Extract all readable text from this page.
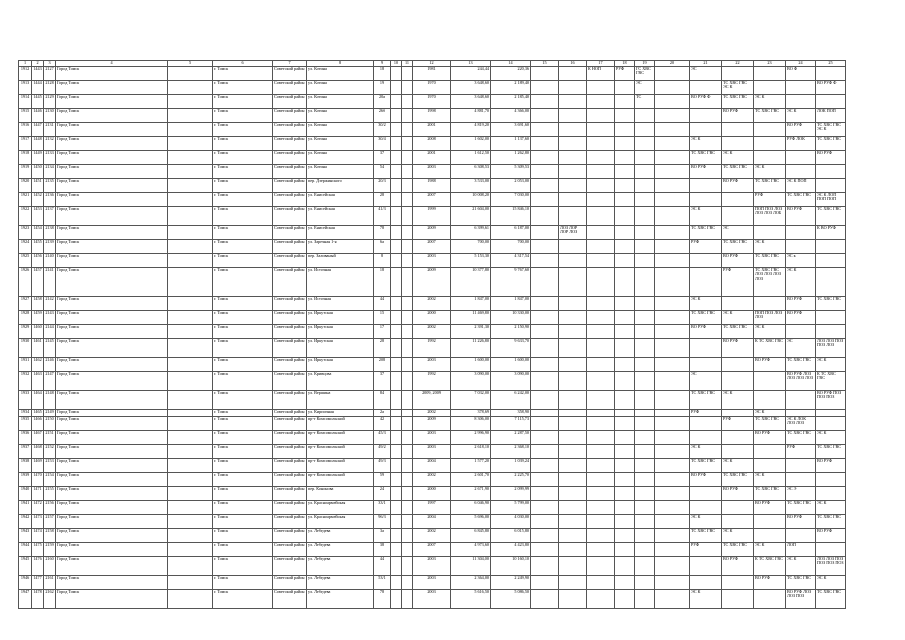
1	2	3	4	5	6	7	8	9	10	11	12	13	14	15	16	17	18	19	20	21	22	23	24	25
1912	1443	2127	Город Томск		г. Томск	Советский район	ул. Котина	18			1981	244,44	220,36			К НОП	РУФ	ГС ХВС ГВС		ЭС			ВО Ф	
1913	1444	2128	Город Томск		г. Томск	Советский район	ул. Котина	19			1970	3 648,60	2 189,40					ЭС			ТС ХВС ГВС ЭС К			ВО РУФ Ф
1914	1445	2129	Город Томск		г. Томск	Советский район	ул. Котина	20а			1970	3 648,60	2 185,40					ТС		ВО РУФ Ф	ТС ХВС ГВС	ЭС К		
1915	1446	2130	Город Томск		г. Томск	Советский район	ул. Котина	26б			1998	4 881,70	4 366,00								ВО РУФ	ТС ХВС ГВС	ЭС К	ЛОК ПОП
1916	1447	2131	Город Томск		г. Томск	Советский район	ул. Котина	30/2			2001	4 819,20	3 691,60										ВО РУФ	ТС ХВС ГВС ЭС К
1917	1448	2132	Город Томск		г. Томск	Советский район	ул. Котина	30/4			2008	1 602,00	1 137,60							ЭС К			РУФ ЛОК	ТС ХВС ГВС
1918	1449	2133	Город Томск		г. Томск	Советский район	ул. Котина	37			2001	1 612,50	1 262,80							ТС ХВС ГВС	ЭС К			ВО РУФ
1919	1450	2134	Город Томск		г. Томск	Советский район	ул. Котина	54			2003	6 308,53	5 309,53							ВО РУФ	ТС ХВС ГВС	ЭС К		
1920	1451	2135	Город Томск		г. Томск	Советский район	пер. Дзержинского	20/3			1988	3 533,00	2 053,00								ВО РУФ	ТС ХВС ГВС	ЭС К ПОП	
1921	1452	2136	Город Томск		г. Томск	Советский район	ул. Енисейская	28			2007	10 008,20	7 030,00									РУФ	ТС ХВС ГВС	ЭС К ЛОП ПОП ПОП
1922	1453	2137	Город Томск		г. Томск	Советский район	ул. Енисейская	41/3			1999	21 604,00	15 846,10							ЭС К		ПОП ПОЗ ЛОЗ ЛОЗ ЛОЗ ЛОБ	ВО РУФ	ТС ХВС ГВС
1923	1454	2138	Город Томск		г. Томск	Советский район	ул. Енисейская	78			2009	6 399,61	6 187,00		ЛОЗ ЛОР ЛОР ЛОЗ					ТС ХВС ГВС	ЭС			К ВО РУФ
1924	1455	2139	Город Томск		г. Томск	Советский район	ул. Заречная 1-я	6а			2007	700,00	700,00							РУФ	ТС ХВС ГВС	ЭС К		
1925	1456	2140	Город Томск		г. Томск	Советский район	пер. Заливаный	8			2003	5 153,30	4 317,54								ВО РУФ	ТС ХВС ГВС	ЭС к	
1926	1457	2141	Город Томск		г. Томск	Советский район	ул. Источная	18			2009	10 377,80	9 767,60								РУФ	ТС ХВС ГВС ЛОЗ ЛОЗ ЛОЗ ЛОЗ	ЭС К	
1927	1458	2142	Город Томск		г. Томск	Советский район	ул. Источная	44			2002	1 847,00	1 847,00							ЭС К			ВО РУФ	ТС ХВС ГВС
1928	1459	2143	Город Томск		г. Томск	Советский район	ул. Иркутская	15			2000	11 469,80	10 330,00							ТС ХВС ГВС	ЭС К	ПОП ПОЗ ЛОЗ ЛОЗ	ВО РУФ	
1929	1460	2144	Город Томск		г. Томск	Советский район	ул. Иркутская	17			2002	2 391,30	2 150,90							ВО РУФ	ТС ХВС ГВС	ЭС К		
1930	1461	2145	Город Томск		г. Томск	Советский район	ул. Иркутская	28			1992	11 226,80	9 633,70								ВО РУФ	К ТС ХВС ГВС	ЭС	ЛОЗ ЛОЗ ПОЗ ПОЗ ЛОЗ
1931	1462	2146	Город Томск		г. Томск	Советский район	ул. Иркутская	208			2003	1 600,00	1 600,00									ВО РУФ	ТС ХВС ГВС	ЭС К
1932	1463	2147	Город Томск		г. Томск	Советский район	ул. Кривцова	37			1992	3 090,00	3 090,00							ЭС			ВО РУФ ЛОЗ ЛОЗ ЛОЗ ЛОЗ	К ТС ХВС ГВС
1933	1464	2148	Город Томск		г. Томск	Советский район	ул. Вершина	84			2009, 2009	7 032,00	6 242,00							ТС ХВС ГВС	ЭС К			ВО РУФ ПОЗ ПОЗ ПОЗ
1934	1465	2149	Город Томск		г. Томск	Советский район	ул. Кирпичная	2а			2002	378,69	358,90							РУФ		ЭС К		
1935	1466	2150	Город Томск		г. Томск	Советский район	пр-т Комсомольский	42			2009	8 306,00	7 115,73								РУФ	ТС ХВС ГВС	ЭС К ЛОК ЛОЗ ЛОЗ	
1936	1467	2151	Город Томск		г. Томск	Советский район	пр-т Комсомольский	45/3			2003	2 996,90	2 287,50									ВО РУФ	ТС ХВС ГВС	ЭС К
1937	1468	2152	Город Томск		г. Томск	Советский район	пр-т Комсомольский	49/2			2003	2 618,10	2 368,10							ЭС К			РУФ	ТС ХВС ГВС
1938	1469	2153	Город Томск		г. Томск	Советский район	пр-т Комсомольский	49/3			2004	1 577,20	1 039,24							ТС ХВС ГВС	ЭС К			ВО РУФ
1939	1470	2154	Город Томск		г. Томск	Советский район	пр-т Комсомольский	59			2002	2 601,70	2 225,70							ВО РУФ	ТС ХВС ГВС	ЭС К		
1940	1471	2155	Город Томск		г. Томск	Советский район	пер. Кононова	24			2000	2 671,90	2 099,99								ВО РУФ	ТС ХВС ГВС	ЭС Э	
1941	1472	2156	Город Томск		г. Томск	Советский район	ул. Красноармейская	33/1			1997	6 046,90	5 799,00									ВО РУФ	ТС ХВС ГВС	ЭС К
1942	1473	2157	Город Томск		г. Томск	Советский район	ул. Красноармейская	96/3			2004	5 696,00	4 030,00							ЭС К			ВО РУФ	ТС ХВС ГВС
1943	1474	2158	Город Томск		г. Томск	Советский район	ул. Лебедева	3а			2002	6 845,80	6 015,80							ТС ХВС ГВС	ЭС К			ВО РУФ
1944	1475	2159	Город Томск		г. Томск	Советский район	ул. Лебедева	38			2007	4 973,60	4 423,80							РУФ	ТС ХВС ГВС	ЭС К	ЛОП	
1945	1476	2160	Город Томск		г. Томск	Советский район	ул. Лебедева	44			2003	11 304,00	10 160,10								ВО РУФ	К ТС ХВС ГВС	ЭС К	ЛОЗ ЛОЗ ПОЗ ПОЗ ПОЗ ПОЗ
1946	1477	2161	Город Томск		г. Томск	Советский район	ул. Лебедева	53/1			2003	2 364,00	2 249,90									ВО РУФ	ТС ХВС ГВС	ЭС К
1947	1478	2162	Город Томск		г. Томск	Советский район	ул. Лебедева	78			2003	5 616,50	5 086,50							ЭС К			ВО РУФ ЛОЗ ЛОЗ ПОЗ	ТС ХВС ГВС
